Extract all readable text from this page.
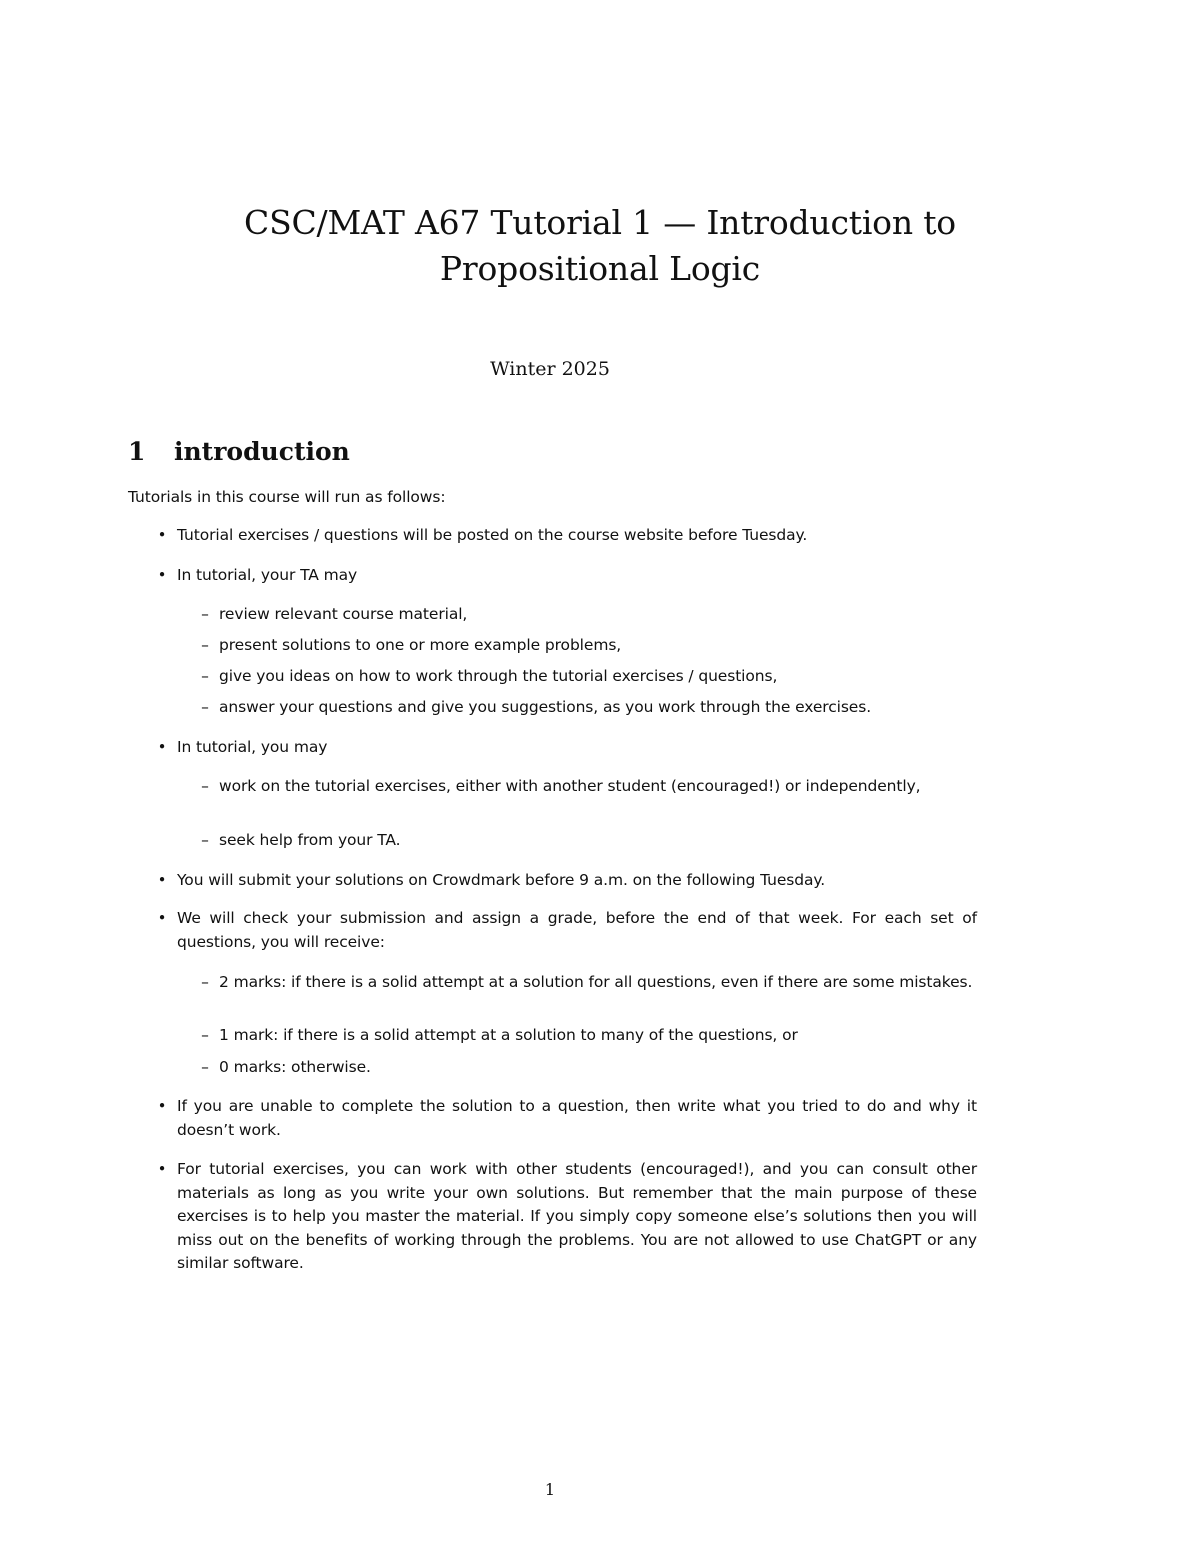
CSC/MAT A67 Tutorial 1 — Introduction to Propositional Logic
Winter 2025
1 introduction
Tutorials in this course will run as follows:
• Tutorial exercises / questions will be posted on the course website before Tuesday.
• In tutorial, your TA may
– review relevant course material,
– present solutions to one or more example problems,
– give you ideas on how to work through the tutorial exercises / questions,
– answer your questions and give you suggestions, as you work through the exercises.
• In tutorial, you may
– work on the tutorial exercises, either with another student (encouraged!) or independently,
– seek help from your TA.
• You will submit your solutions on Crowdmark before 9 a.m. on the following Tuesday.
• We will check your submission and assign a grade, before the end of that week. For each set of questions, you will receive:
– 2 marks: if there is a solid attempt at a solution for all questions, even if there are some mistakes.
– 1 mark: if there is a solid attempt at a solution to many of the questions, or
– 0 marks: otherwise.
• If you are unable to complete the solution to a question, then write what you tried to do and why it doesn’t work.
• For tutorial exercises, you can work with other students (encouraged!), and you can consult other materials as long as you write your own solutions. But remember that the main purpose of these exercises is to help you master the material. If you simply copy someone else’s solutions then you will miss out on the benefits of working through the problems. You are not allowed to use ChatGPT or any similar software.
1
